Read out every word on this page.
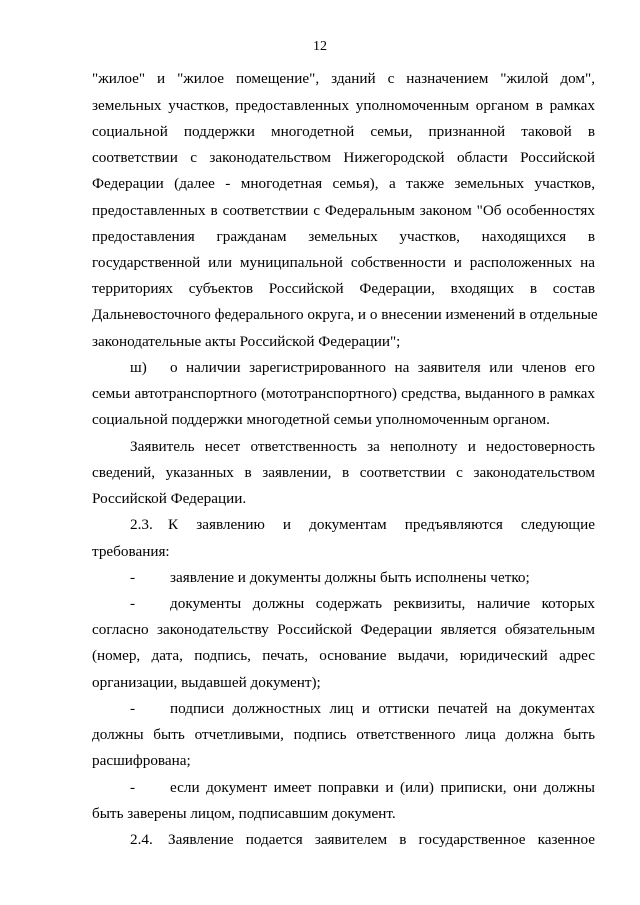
12
"жилое" и "жилое помещение", зданий с назначением "жилой дом",
земельных участков, предоставленных уполномоченным органом в рамках
социальной поддержки многодетной семьи, признанной таковой в
соответствии с законодательством Нижегородской области Российской
Федерации (далее - многодетная семья), а также земельных участков,
предоставленных в соответствии с Федеральным законом "Об особенностях
предоставления гражданам земельных участков, находящихся в
государственной или муниципальной собственности и расположенных на
территориях субъектов Российской Федерации, входящих в состав
Дальневосточного федерального округа, и о внесении изменений в отдельные
законодательные акты Российской Федерации";
ш)	о наличии зарегистрированного на заявителя или членов его
семьи автотранспортного (мототранспортного) средства, выданного в рамках
социальной поддержки многодетной семьи уполномоченным органом.
Заявитель несет ответственность за неполноту и недостоверность
сведений, указанных в заявлении, в соответствии с законодательством
Российской Федерации.
2.3.	К заявлению и документам предъявляются следующие
требования:
-	заявление и документы должны быть исполнены четко;
-	документы должны содержать реквизиты, наличие которых
согласно законодательству Российской Федерации является обязательным
(номер, дата, подпись, печать, основание выдачи, юридический адрес
организации, выдавшей документ);
-	подписи должностных лиц и оттиски печатей на документах
должны быть отчетливыми, подпись ответственного лица должна быть
расшифрована;
-	если документ имеет поправки и (или) приписки, они должны
быть заверены лицом, подписавшим документ.
2.4.	Заявление подается заявителем в государственное казенное
